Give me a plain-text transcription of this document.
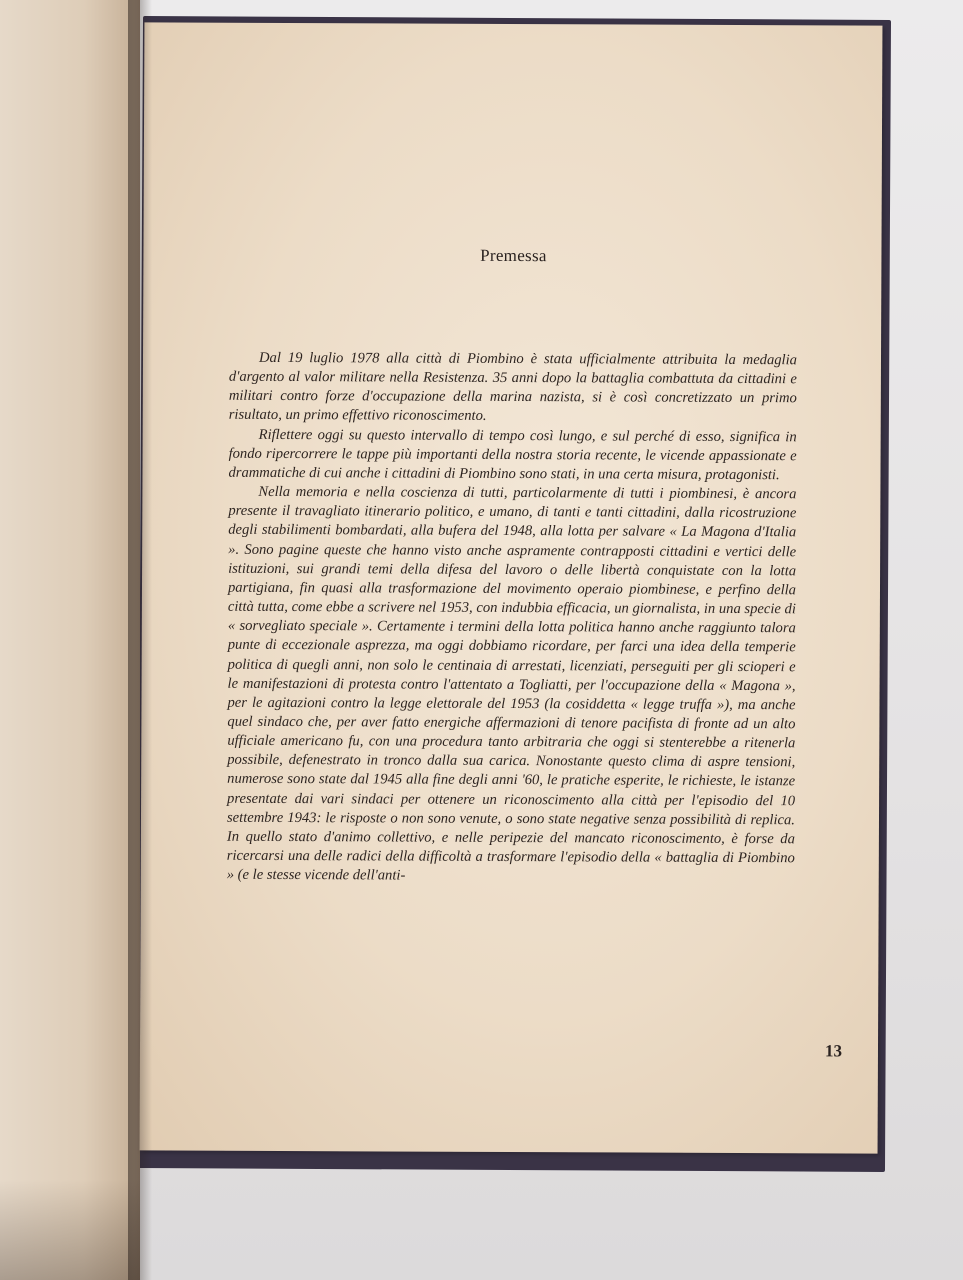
Premessa

Dal 19 luglio 1978 alla città di Piombino è stata ufficialmente attribuita la medaglia d'argento al valor militare nella Resistenza. 35 anni dopo la battaglia combattuta da cittadini e militari contro forze d'occupazione della marina nazista, si è così concretizzato un primo risultato, un primo effettivo riconoscimento.

Riflettere oggi su questo intervallo di tempo così lungo, e sul perché di esso, significa in fondo ripercorrere le tappe più importanti della nostra storia recente, le vicende appassionate e drammatiche di cui anche i cittadini di Piombino sono stati, in una certa misura, protagonisti.

Nella memoria e nella coscienza di tutti, particolarmente di tutti i piombinesi, è ancora presente il travagliato itinerario politico, e umano, di tanti e tanti cittadini, dalla ricostruzione degli stabilimenti bombardati, alla bufera del 1948, alla lotta per salvare « La Magona d'Italia ». Sono pagine queste che hanno visto anche aspramente contrapposti cittadini e vertici delle istituzioni, sui grandi temi della difesa del lavoro o delle libertà conquistate con la lotta partigiana, fin quasi alla trasformazione del movimento operaio piombinese, e perfino della città tutta, come ebbe a scrivere nel 1953, con indubbia efficacia, un giornalista, in una specie di « sorvegliato speciale ». Certamente i termini della lotta politica hanno anche raggiunto talora punte di eccezionale asprezza, ma oggi dobbiamo ricordare, per farci una idea della temperie politica di quegli anni, non solo le centinaia di arrestati, licenziati, perseguiti per gli scioperi e le manifestazioni di protesta contro l'attentato a Togliatti, per l'occupazione della « Magona », per le agitazioni contro la legge elettorale del 1953 (la cosiddetta « legge truffa »), ma anche quel sindaco che, per aver fatto energiche affermazioni di tenore pacifista di fronte ad un alto ufficiale americano fu, con una procedura tanto arbitraria che oggi si stenterebbe a ritenerla possibile, defenestrato in tronco dalla sua carica. Nonostante questo clima di aspre tensioni, numerose sono state dal 1945 alla fine degli anni '60, le pratiche esperite, le richieste, le istanze presentate dai vari sindaci per ottenere un riconoscimento alla città per l'episodio del 10 settembre 1943: le risposte o non sono venute, o sono state negative senza possibilità di replica. In quello stato d'animo collettivo, e nelle peripezie del mancato riconoscimento, è forse da ricercarsi una delle radici della difficoltà a trasformare l'episodio della « battaglia di Piombino » (e le stesse vicende dell'anti-

13
